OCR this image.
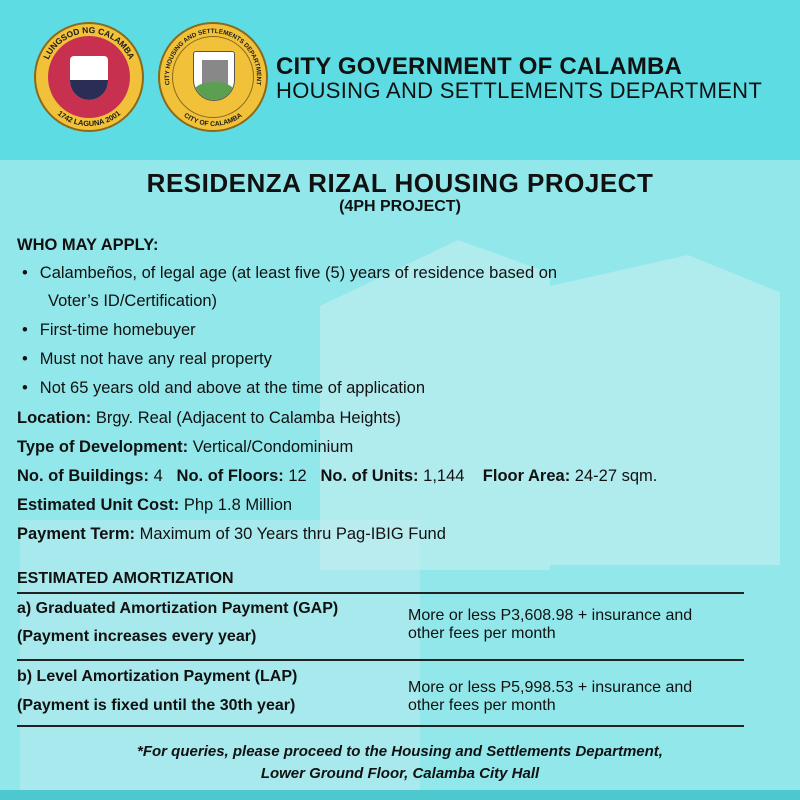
LUNGSOD NG CALAMBA
1742 LAGUNA 2001
CITY HOUSING AND SETTLEMENTS DEPARTMENT
CITY OF CALAMBA
CITY GOVERNMENT OF CALAMBA
HOUSING AND SETTLEMENTS DEPARTMENT
RESIDENZA RIZAL HOUSING PROJECT
(4PH PROJECT)
WHO MAY APPLY:
• Calambeños, of legal age (at least five (5) years of residence based on
Voter’s ID/Certification)
• First-time homebuyer
• Must not have any real property
• Not 65 years old and above at the time of application
Location: Brgy. Real (Adjacent to Calamba Heights)
Type of Development: Vertical/Condominium
No. of Buildings: 4 No. of Floors: 12 No. of Units: 1,144 Floor Area: 24-27 sqm.
Estimated Unit Cost: Php 1.8 Million
Payment Term: Maximum of 30 Years thru Pag-IBIG Fund
ESTIMATED AMORTIZATION
a) Graduated Amortization Payment (GAP)
(Payment increases every year)
More or less P3,608.98 + insurance and
other fees per month
b) Level Amortization Payment (LAP)
(Payment is fixed until the 30th year)
More or less P5,998.53 + insurance and
other fees per month
*For queries, please proceed to the Housing and Settlements Department,
Lower Ground Floor, Calamba City Hall
